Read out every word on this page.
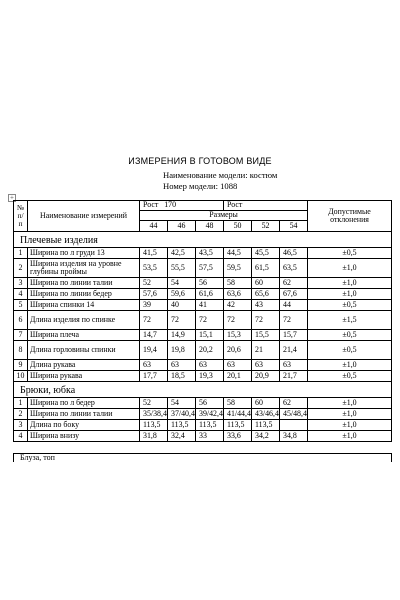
ИЗМЕРЕНИЯ В ГОТОВОМ ВИДЕ
Наименование модели: костюм
Номер модели: 1088
+
№ п/ п	Наименование измерений	Рост 170			Рост			Допустимые отклонения
		Размеры						
		44	46	48	50	52	54	
Плечевые изделия								
1	Ширина по л груди 13	41,5	42,5	43,5	44,5	45,5	46,5	±0,5
2	Ширина изделия на уровне глубины проймы	53,5	55,5	57,5	59,5	61,5	63,5	±1,0
3	Ширина по линии талии	52	54	56	58	60	62	±1,0
4	Ширина по линии бедер	57,6	59,6	61,6	63,6	65,6	67,6	±1,0
5	Ширина спинки 14	39	40	41	42	43	44	±0,5
6	Длина изделия по спинке	72	72	72	72	72	72	±1,5
7	Ширина плеча	14,7	14,9	15,1	15,3	15,5	15,7	±0,5
8	Длина горловины спинки	19,4	19,8	20,2	20,6	21	21,4	±0,5
9	Длина рукава	63	63	63	63	63	63	±1,0
10	Ширина рукава	17,7	18,5	19,3	20,1	20,9	21,7	±0,5
Брюки, юбка								
1	Ширина по л бедер	52	54	56	58	60	62	±1,0
2	Ширина по линии талии	35/38,4	37/40,4	39/42,4	41/44,4	43/46,4	45/48,4	±1,0
3	Длина по боку	113,5	113,5	113,5	113,5	113,5		±1,0
4	Ширина внизу	31,8	32,4	33	33,6	34,2	34,8	±1,0

Блуза, топ								
